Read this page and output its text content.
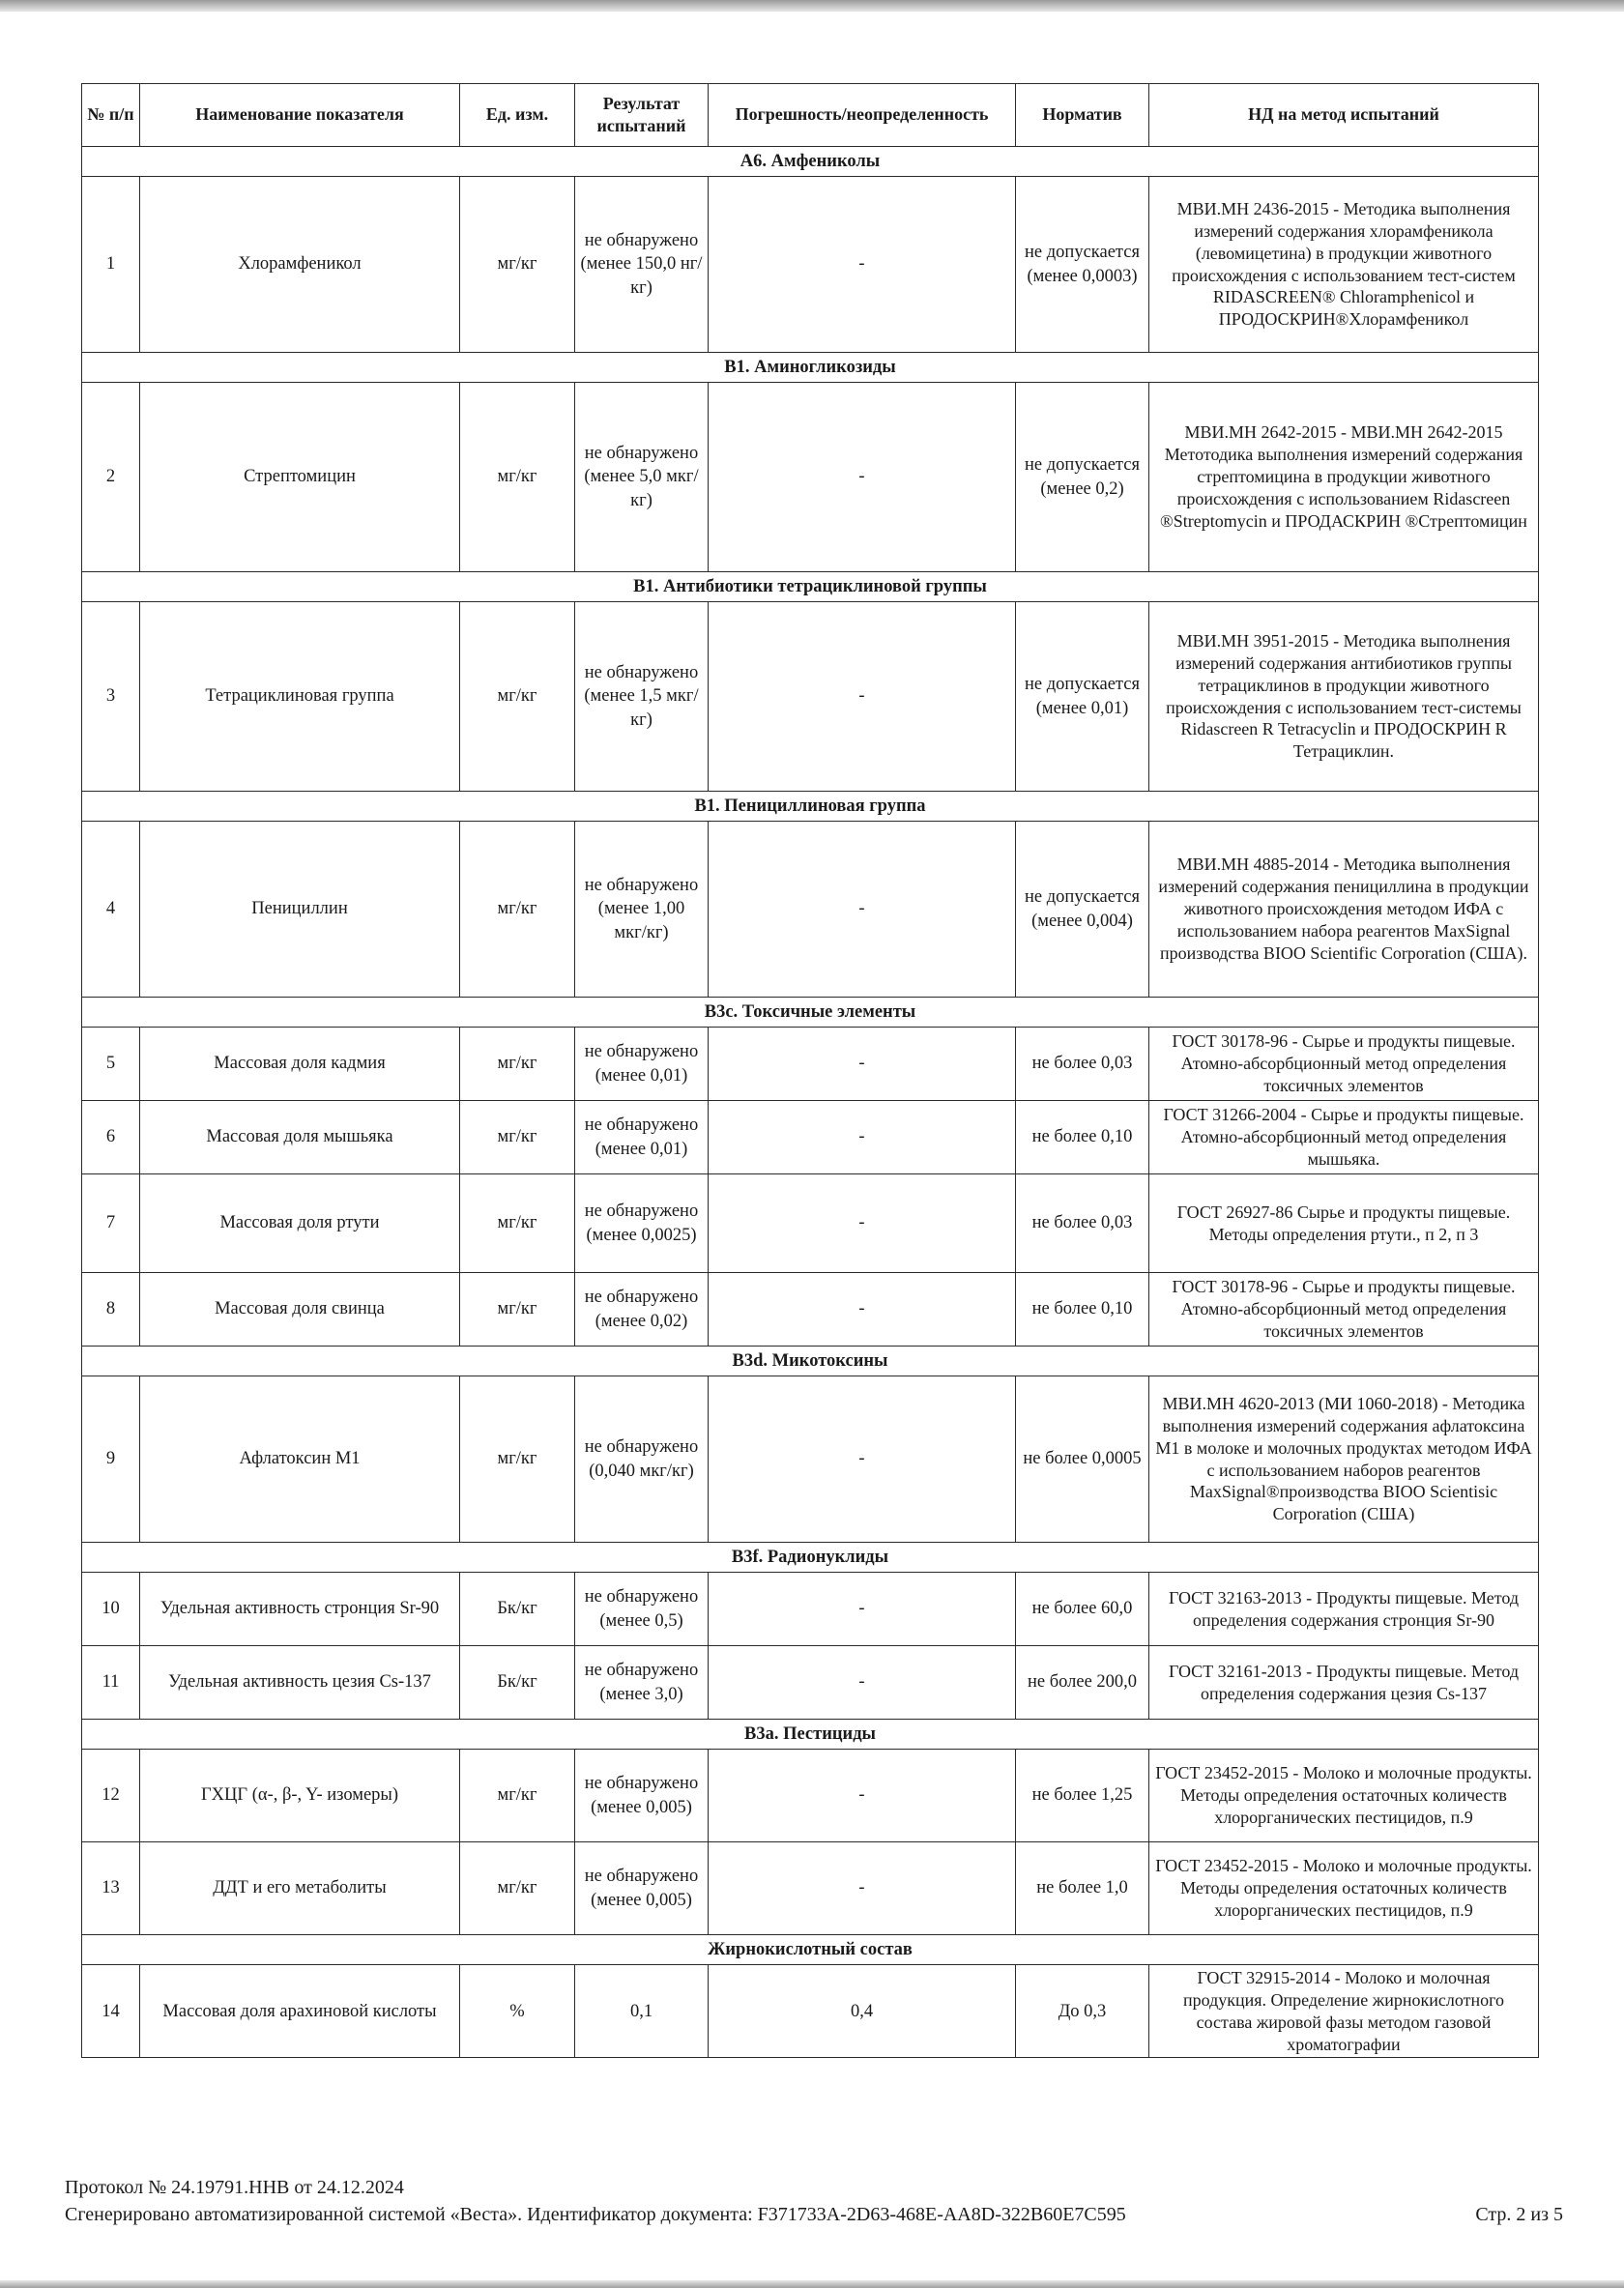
№ п/п	Наименование показателя	Ед. изм.	Результат испытаний	Погрешность/неопределенность	Норматив	НД на метод испытаний
А6. Амфениколы						
1	Хлорамфеникол	мг/кг	не обнаружено (менее 150,0 нг/кг)	-	не допускается (менее 0,0003)	МВИ.МН 2436-2015 - Методика выполнения измерений содержания хлорамфеникола (левомицетина) в продукции животного происхождения с использованием тест-систем RIDASCREEN® Chloramphenicol и ПРОДОСКРИН®Хлорамфеникол
В1. Аминогликозиды						
2	Стрептомицин	мг/кг	не обнаружено (менее 5,0 мкг/кг)	-	не допускается (менее 0,2)	МВИ.МН 2642-2015 - МВИ.МН 2642-2015 Метотодика выполнения измерений содержания стрептомицина в продукции животного происхождения с использованием Ridascreen ®Streptomycin и ПРОДАСКРИН ®Стрептомицин
В1. Антибиотики тетрациклиновой группы						
3	Тетрациклиновая группа	мг/кг	не обнаружено (менее 1,5 мкг/кг)	-	не допускается (менее 0,01)	МВИ.МН 3951-2015 - Методика выполнения измерений содержания антибиотиков группы тетрациклинов в продукции животного происхождения с использованием тест-системы Ridascreen R Tetracyclin и ПРОДОСКРИН R Тетрациклин.
В1. Пенициллиновая группа						
4	Пенициллин	мг/кг	не обнаружено (менее 1,00 мкг/кг)	-	не допускается (менее 0,004)	МВИ.МН 4885-2014 - Методика выполнения измерений содержания пенициллина в продукции животного происхождения методом ИФА с использованием набора реагентов MaxSignal производства BIOO Scientific Corporation (США).
В3с. Токсичные элементы						
5	Массовая доля кадмия	мг/кг	не обнаружено (менее 0,01)	-	не более 0,03	ГОСТ 30178-96 - Сырье и продукты пищевые. Атомно-абсорбционный метод определения токсичных элементов
6	Массовая доля мышьяка	мг/кг	не обнаружено (менее 0,01)	-	не более 0,10	ГОСТ 31266-2004 - Сырье и продукты пищевые. Атомно-абсорбционный метод определения мышьяка.
7	Массовая доля ртути	мг/кг	не обнаружено (менее 0,0025)	-	не более 0,03	ГОСТ 26927-86 Сырье и продукты пищевые. Методы определения ртути., п 2, п 3
8	Массовая доля свинца	мг/кг	не обнаружено (менее 0,02)	-	не более 0,10	ГОСТ 30178-96 - Сырье и продукты пищевые. Атомно-абсорбционный метод определения токсичных элементов
В3d. Микотоксины						
9	Афлатоксин М1	мг/кг	не обнаружено (0,040 мкг/кг)	-	не более 0,0005	МВИ.МН 4620-2013 (МИ 1060-2018) - Методика выполнения измерений содержания афлатоксина М1 в молоке и молочных продуктах методом ИФА с использованием наборов реагентов MaxSignal®производства BIOO Scientisic Corporation (США)
В3f. Радионуклиды						
10	Удельная активность стронция Sr-90	Бк/кг	не обнаружено (менее 0,5)	-	не более 60,0	ГОСТ 32163-2013 - Продукты пищевые. Метод определения содержания стронция Sr-90
11	Удельная активность цезия Cs-137	Бк/кг	не обнаружено (менее 3,0)	-	не более 200,0	ГОСТ 32161-2013 - Продукты пищевые. Метод определения содержания цезия Cs-137
В3а. Пестициды						
12	ГХЦГ (α-, β-, Υ- изомеры)	мг/кг	не обнаружено (менее 0,005)	-	не более 1,25	ГОСТ 23452-2015 - Молоко и молочные продукты. Методы определения остаточных количеств хлорорганических пестицидов, п.9
13	ДДТ и его метаболиты	мг/кг	не обнаружено (менее 0,005)	-	не более 1,0	ГОСТ 23452-2015 - Молоко и молочные продукты. Методы определения остаточных количеств хлорорганических пестицидов, п.9
Жирнокислотный состав						
14	Массовая доля арахиновой кислоты	%	0,1	0,4	До 0,3	ГОСТ 32915-2014 - Молоко и молочная продукция. Определение жирнокислотного состава жировой фазы методом газовой хроматографии
Протокол № 24.19791.ННВ от 24.12.2024
Сгенерировано автоматизированной системой «Веста». Идентификатор документа: F371733A-2D63-468E-AA8D-322B60E7C595	Стр. 2 из 5
